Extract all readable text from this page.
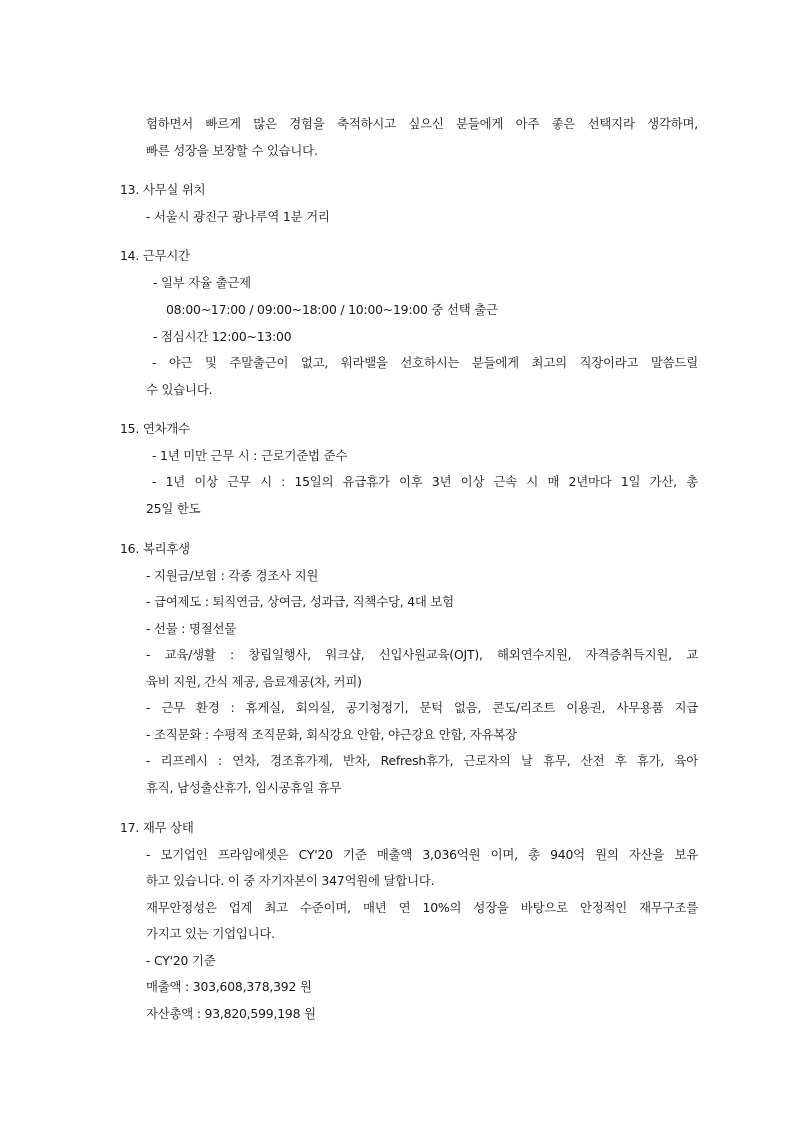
험하면서 빠르게 많은 경험을 축적하시고 싶으신 분들에게 아주 좋은 선택지라 생각하며,
빠른 성장을 보장할 수 있습니다.
13. 사무실 위치
- 서울시 광진구 광나루역 1분 거리
14. 근무시간
- 일부 자율 출근제
08:00~17:00 / 09:00~18:00 / 10:00~19:00 중 선택 출근
- 점심시간 12:00~13:00
- 야근 및 주말출근이 없고, 워라밸을 선호하시는 분들에게 최고의 직장이라고 말씀드릴
수 있습니다.
15. 연차개수
- 1년 미만 근무 시 : 근로기준법 준수
- 1년 이상 근무 시 : 15일의 유급휴가 이후 3년 이상 근속 시 매 2년마다 1일 가산, 총
25일 한도
16. 복리후생
- 지원금/보험 : 각종 경조사 지원
- 급여제도 : 퇴직연금, 상여금, 성과급, 직책수당, 4대 보험
- 선물 : 명절선물
- 교육/생활 : 창립일행사, 워크샵, 신입사원교육(OJT), 해외연수지원, 자격증취득지원, 교
육비 지원, 간식 제공, 음료제공(차, 커피)
- 근무 환경 : 휴게실, 회의실, 공기청정기, 문턱 없음, 콘도/리조트 이용권, 사무용품 지급
- 조직문화 : 수평적 조직문화, 회식강요 안함, 야근강요 안함, 자유복장
- 리프레시 : 연차, 경조휴가제, 반차, Refresh휴가, 근로자의 날 휴무, 산전 후 휴가, 육아
휴직, 남성출산휴가, 임시공휴일 휴무
17. 재무 상태
- 모기업인 프라임에셋은 CY'20 기준 매출액 3,036억원 이며, 총 940억 원의 자산을 보유
하고 있습니다. 이 중 자기자본이 347억원에 달합니다.
재무안정성은 업계 최고 수준이며, 매년 연 10%의 성장을 바탕으로 안정적인 재무구조를
가지고 있는 기업입니다.
- CY'20 기준
매출액 : 303,608,378,392 원
자산총액 : 93,820,599,198 원
